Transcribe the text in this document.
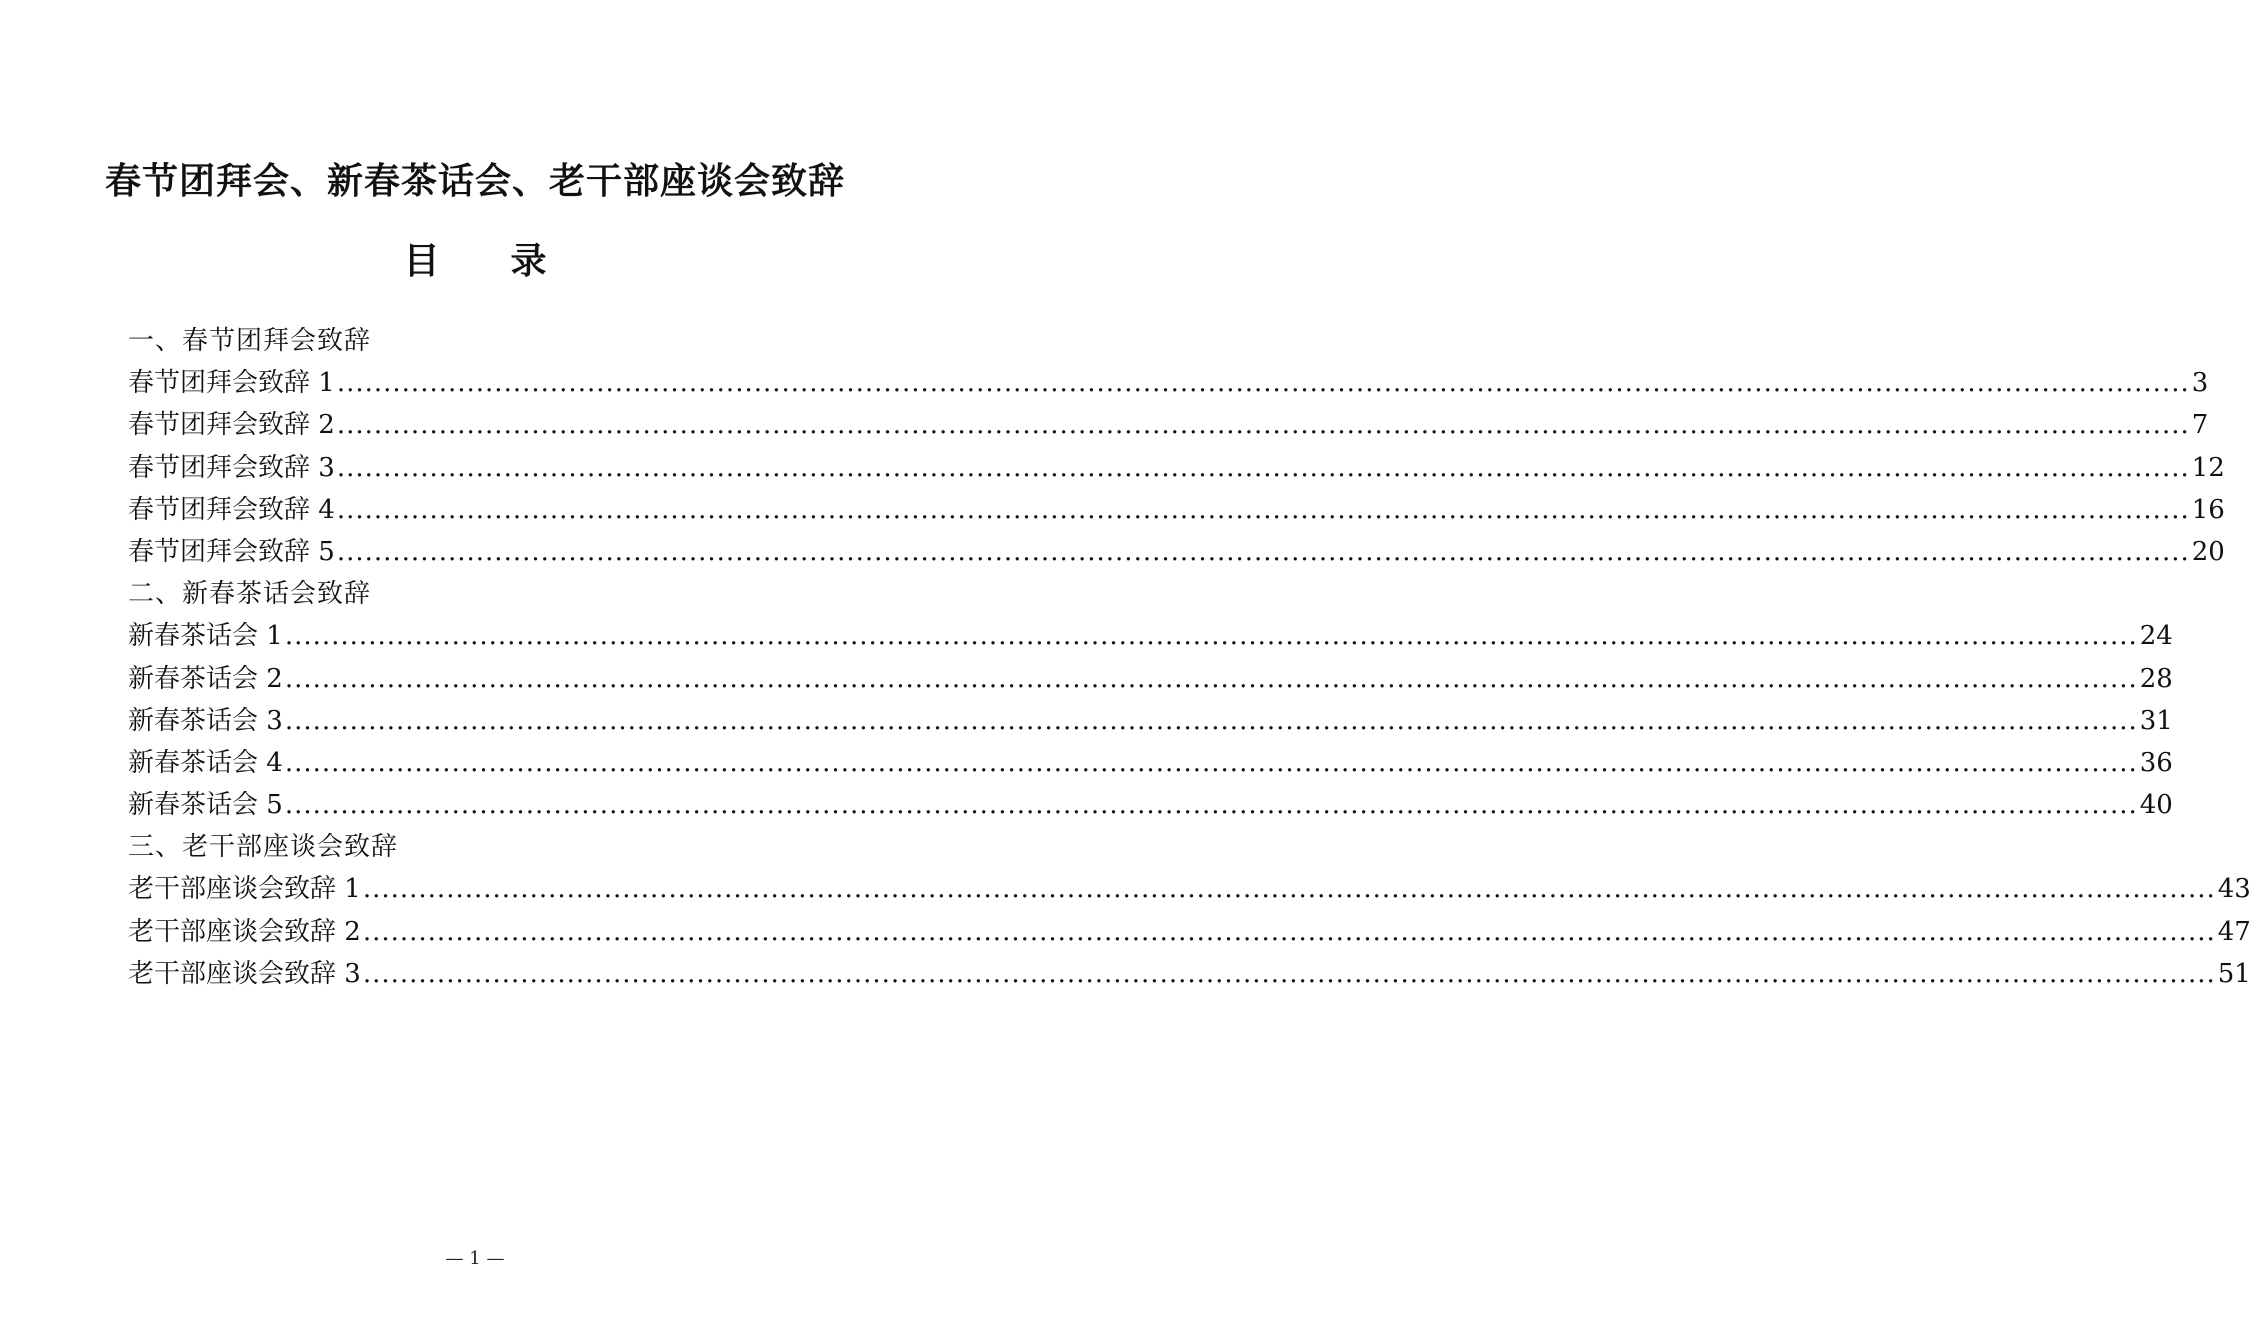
春节团拜会、新春茶话会、老干部座谈会致辞
目 录
一、春节团拜会致辞
春节团拜会致辞 1 ........................................................................................................................................................................................................ 3
春节团拜会致辞 2 ........................................................................................................................................................................................................ 7
春节团拜会致辞 3 ........................................................................................................................................................................................................ 12
春节团拜会致辞 4 ........................................................................................................................................................................................................ 16
春节团拜会致辞 5 ........................................................................................................................................................................................................ 20
二、新春茶话会致辞
新春茶话会 1 ........................................................................................................................................................................................................ 24
新春茶话会 2 ........................................................................................................................................................................................................ 28
新春茶话会 3 ........................................................................................................................................................................................................ 31
新春茶话会 4 ........................................................................................................................................................................................................ 36
新春茶话会 5 ........................................................................................................................................................................................................ 40
三、老干部座谈会致辞
老干部座谈会致辞 1 ........................................................................................................................................................................................................ 43
老干部座谈会致辞 2 ........................................................................................................................................................................................................ 47
老干部座谈会致辞 3 ........................................................................................................................................................................................................ 51
— 1 —
